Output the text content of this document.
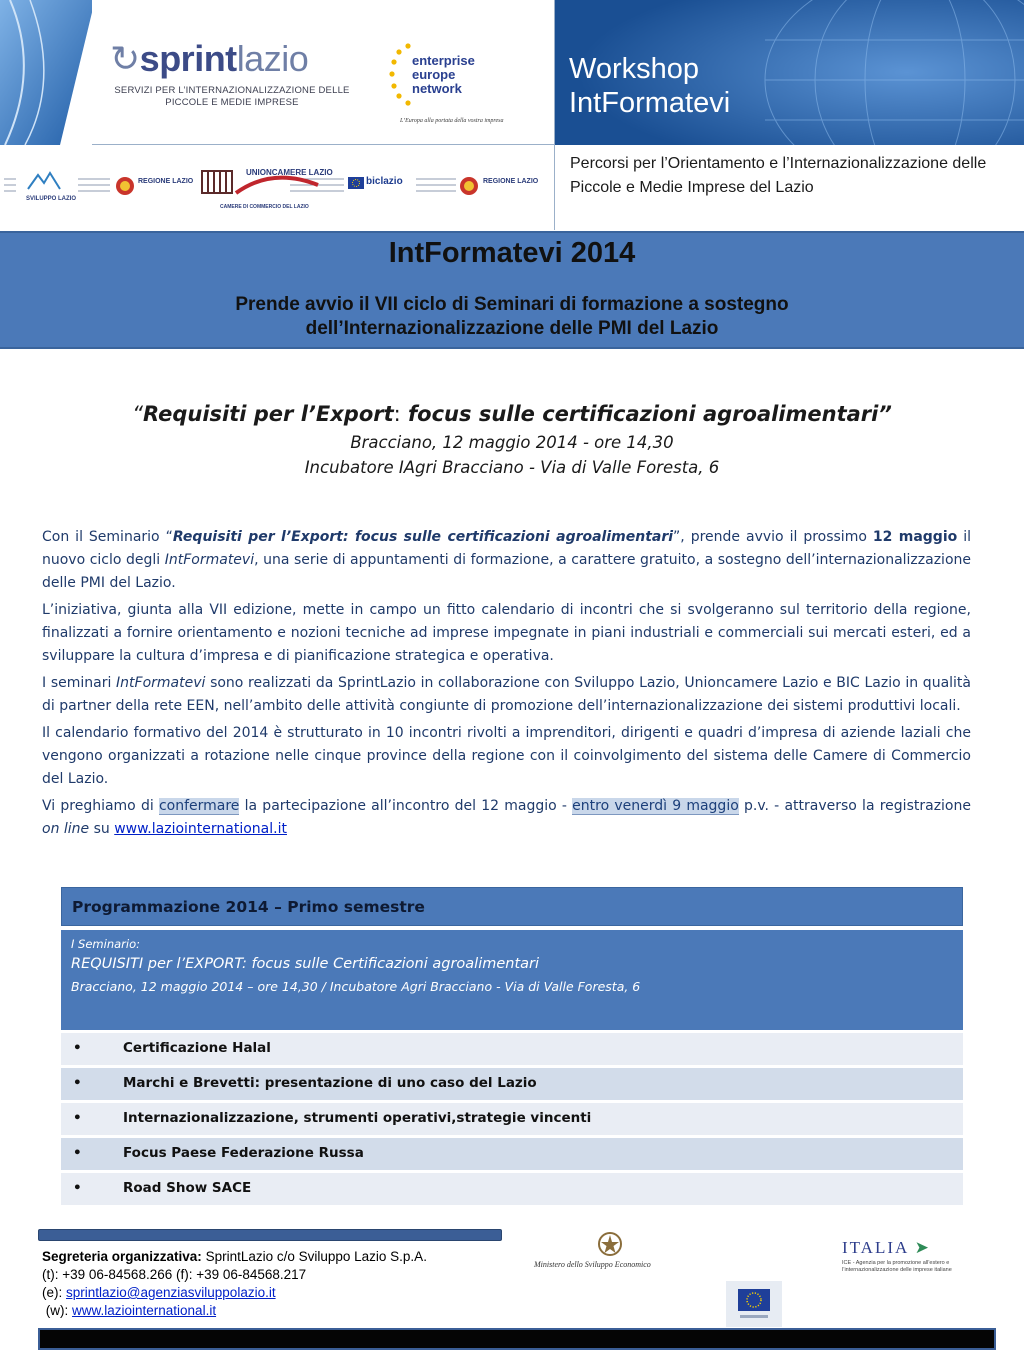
↻sprintlazio
SERVIZI PER L’INTERNAZIONALIZZAZIONE DELLE PICCOLE E MEDIE IMPRESE
enterprise
europe
network
L’Europa alla portata della vostra impresa
Workshop
IntFormatevi
SVILUPPO LAZIO
REGIONE LAZIO
UNIONCAMERE LAZIO
CAMERE DI COMMERCIO DEL LAZIO
biclazio	REGIONE LAZIO
Percorsi per l’Orientamento e l’Internazionalizzazione delle Piccole e Medie Imprese del Lazio
IntFormatevi 2014
Prende avvio il VII ciclo di Seminari di formazione a sostegno dell’Internazionalizzazione delle PMI del Lazio
“Requisiti per l’Export: focus sulle certificazioni agroalimentari”
Bracciano, 12 maggio 2014 - ore 14,30
Incubatore IAgri Bracciano - Via di Valle Foresta, 6

Con il Seminario “Requisiti per l’Export: focus sulle certificazioni agroalimentari”, prende avvio il prossimo 12 maggio il nuovo ciclo degli IntFormatevi, una serie di appuntamenti di formazione, a carattere gratuito, a sostegno dell’internazionalizzazione delle PMI del Lazio.

L’iniziativa, giunta alla VII edizione, mette in campo un fitto calendario di incontri che si svolgeranno sul territorio della regione, finalizzati a fornire orientamento e nozioni tecniche ad imprese impegnate in piani industriali e commerciali sui mercati esteri, ed a sviluppare la cultura d’impresa e di pianificazione strategica e operativa.

I seminari IntFormatevi sono realizzati da SprintLazio in collaborazione con Sviluppo Lazio, Unioncamere Lazio e BIC Lazio in qualità di partner della rete EEN, nell’ambito delle attività congiunte di promozione dell’internazionalizzazione dei sistemi produttivi locali.

Il calendario formativo del 2014 è strutturato in 10 incontri rivolti a imprenditori, dirigenti e quadri d’impresa di aziende laziali che vengono organizzati a rotazione nelle cinque province della regione con il coinvolgimento del sistema delle Camere di Commercio del Lazio.

Vi preghiamo di confermare la partecipazione all’incontro del 12 maggio - entro venerdì 9 maggio p.v. - attraverso la registrazione on line su www.laziointernational.it

Programmazione 2014 – Primo semestre
I Seminario:
REQUISITI per l’EXPORT: focus sulle Certificazioni agroalimentari
Bracciano, 12 maggio 2014 – ore 14,30 / Incubatore Agri Bracciano - Via di Valle Foresta, 6
•	Certificazione Halal
•	Marchi e Brevetti: presentazione di uno caso del Lazio
•	Internazionalizzazione, strumenti operativi,strategie vincenti
•	Focus Paese Federazione Russa
•	Road Show SACE
Segreteria organizzativa: SprintLazio c/o Sviluppo Lazio S.p.A.
(t): +39 06-84568.266 (f): +39 06-84568.217
(e): sprintlazio@agenziasviluppolazio.it
(w): www.laziointernational.it
Ministero dello Sviluppo Economico
ITALIA ➤
ICE - Agenzia per la promozione all’estero e l’internazionalizzazione delle imprese italiane
